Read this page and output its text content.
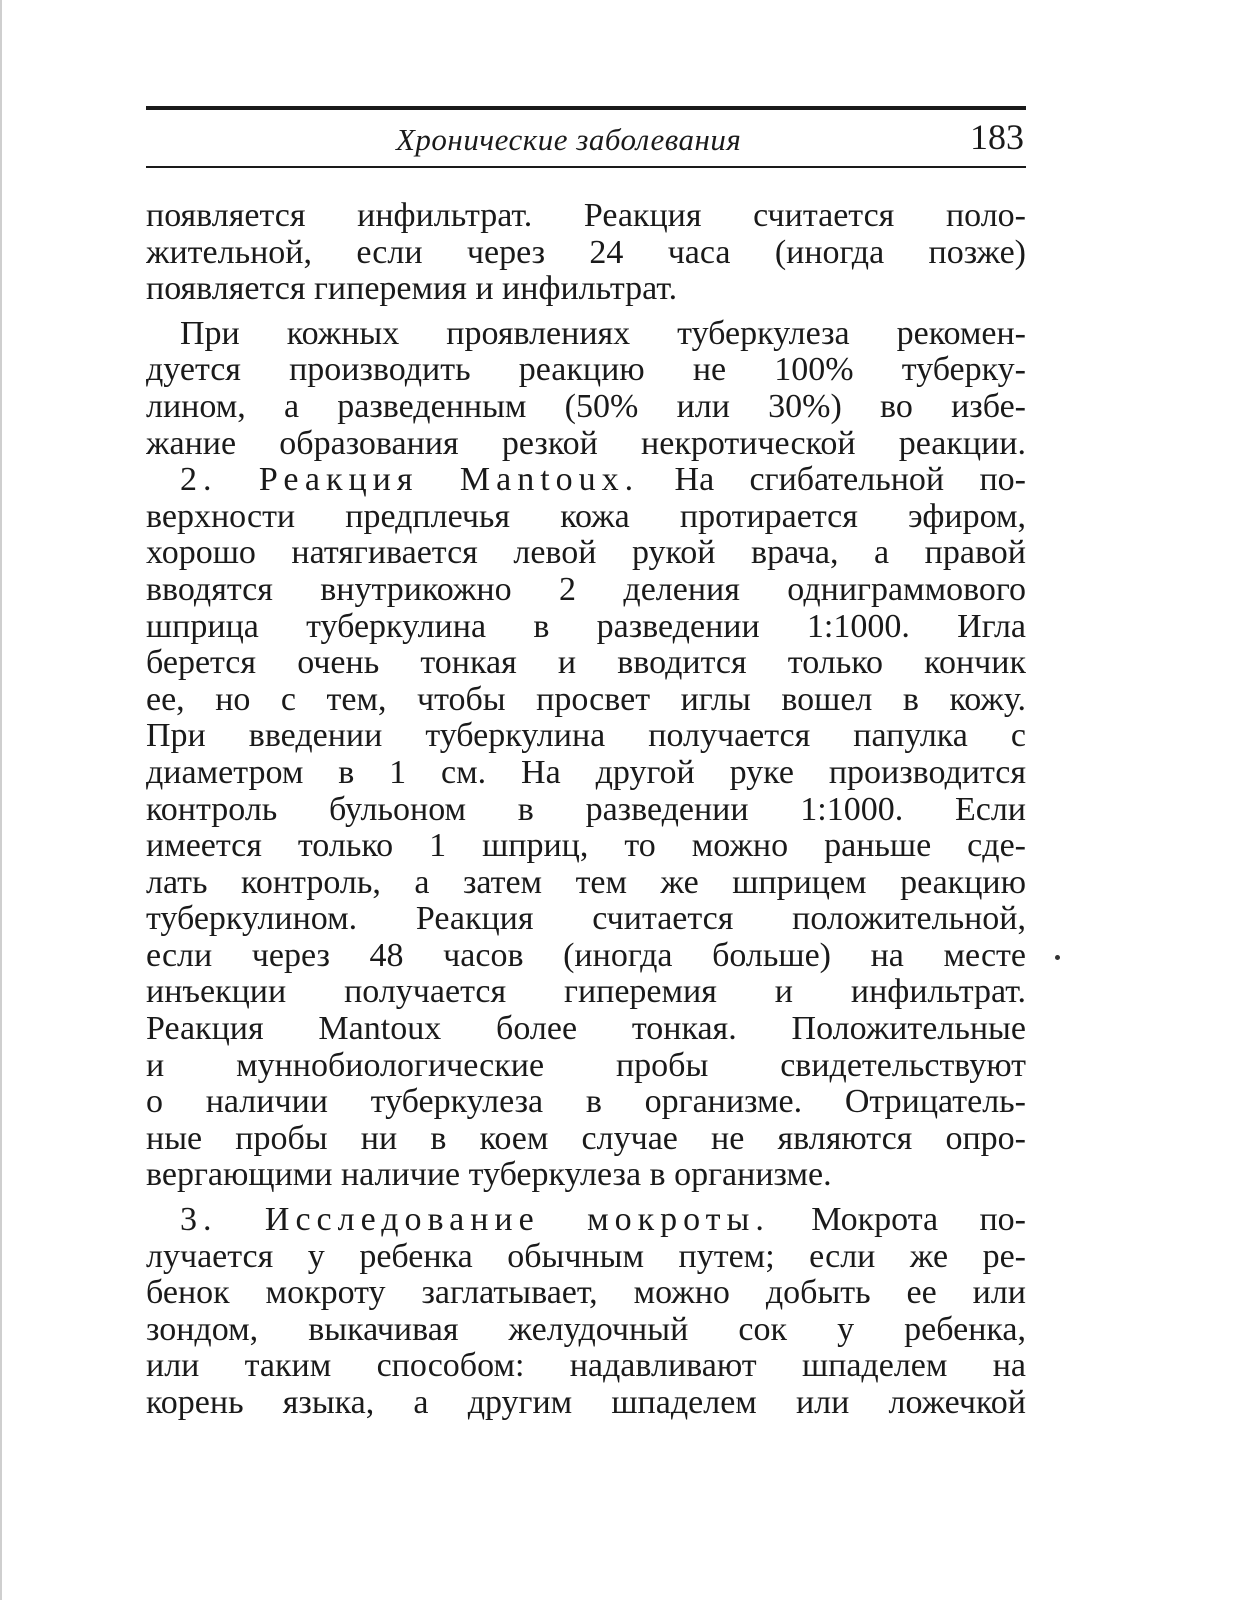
Хронические заболевания	183
появляется инфильтрат. Реакция считается поло-
жительной, если через 24 часа (иногда позже)
появляется гиперемия и инфильтрат.
При кожных проявлениях туберкулеза рекомен-
дуется производить реакцию не 100% туберку-
лином, а разведенным (50% или 30%) во избе-
жание образования резкой некротической реакции.
2. Реакция Mantoux. На сгибательной по-
верхности предплечья кожа протирается эфиром,
хорошо натягивается левой рукой врача, а правой
вводятся внутрикожно 2 деления одниграммового
шприца туберкулина в разведении 1:1000. Игла
берется очень тонкая и вводится только кончик
ее, но с тем, чтобы просвет иглы вошел в кожу.
При введении туберкулина получается папулка с
диаметром в 1 см. На другой руке производится
контроль бульоном в разведении 1:1000. Если
имеется только 1 шприц, то можно раньше сде-
лать контроль, а затем тем же шприцем реакцию
туберкулином. Реакция считается положительной,
если через 48 часов (иногда больше) на месте
инъекции получается гиперемия и инфильтрат.
Реакция Mantoux более тонкая. Положительные
и муннобиологические пробы свидетельствуют
о наличии туберкулеза в организме. Отрицатель-
ные пробы ни в коем случае не являются опро-
вергающими наличие туберкулеза в организме.
3. Исследование мокроты. Мокрота по-
лучается у ребенка обычным путем; если же ре-
бенок мокроту заглатывает, можно добыть ее или
зондом, выкачивая желудочный сок у ребенка,
или таким способом: надавливают шпаделем на
корень языка, а другим шпаделем или ложечкой
